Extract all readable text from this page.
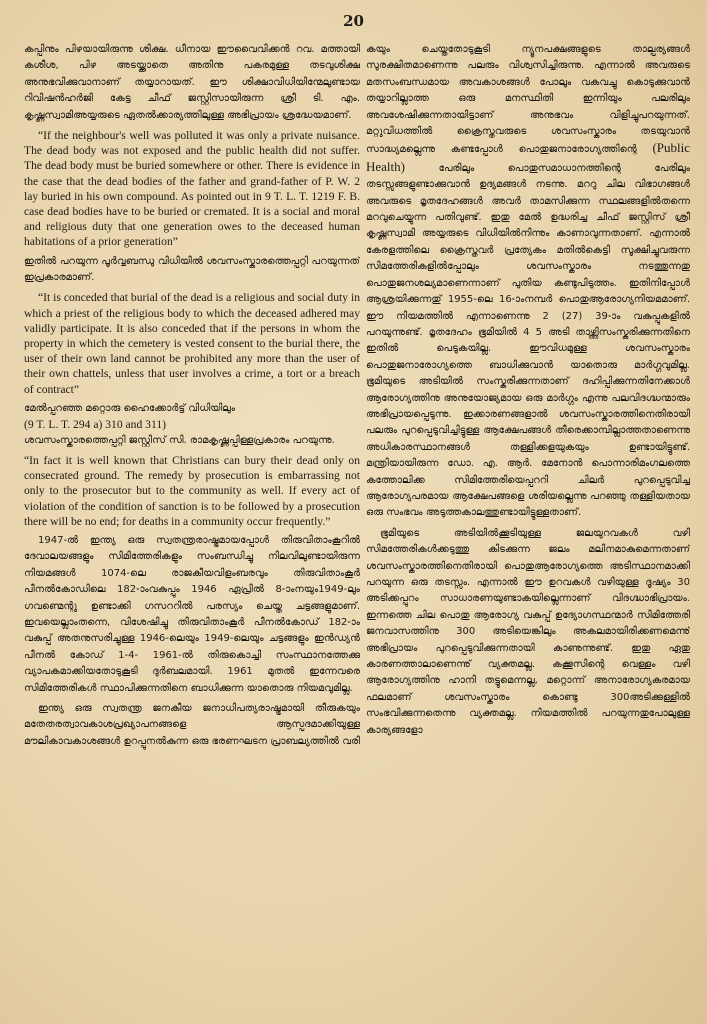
20

കപ്പിനും പിഴയായിരുന്നു ശിക്ഷ. ധീനായ ഈവൈവിക്കൻ റവ. മത്തായി കശീശ, പിഴ അടയ്ക്കാതെ അതിനു പകരമുള്ള തടവുശിക്ഷ അനുഭവിക്കുവാനാണ് തയ്യാറായത്. ഈ ശിക്ഷാവിധിയിന്മേലുണ്ടായ റിവിഷൻഹർജി കേട്ട ചീഫ് ജസ്റ്റിസായിരുന്ന ശ്രീ ടി. എം. കൃഷ്ണസ്വാമിഅയ്യരുടെ ഏതൽക്കാര്യത്തിലുള്ള അഭിപ്രായം ശ്രദ്ധേയമാണ്.

“If the neighbour's well was polluted it was only a private nuisance. The dead body was not exposed and the public health did not suffer. The dead body must be buried somewhere or other. There is evidence in the case that the dead bodies of the father and grand-father of P. W. 2 lay buried in his own compound. As pointed out in 9 T. L. T. 1219 F. B. case dead bodies have to be buried or cremated. It is a social and moral and religious duty that one generation owes to the deceased human habitations of a prior generation”

ഇതിൽ പറയുന്ന പൂർവ്വബന്ധു വിധിയിൽ ശവസംസ്കാരത്തെപ്പറ്റി പറയുന്നത് ഇപ്രകാരമാണ്.

“It is conceded that burial of the dead is a religious and social duty in which a priest of the religious body to which the deceased adhered may validly participate. It is also conceded that if the persons in whom the property in which the cemetery is vested consent to the burial there, the user of their own land cannot be prohibited any more than the user of their own chattels, unless that user involves a crime, a tort or a breach of contract”

മേൽപ്പറഞ്ഞ മറ്റൊരു ഹൈക്കോർട്ട് വിധിയിലും

(9 T. L. T. 294 a) 310 and 311)

ശവസംസ്കാരത്തെപ്പറ്റി ജസ്റ്റിസ് സി. രാമകൃഷ്ണപ്പിള്ളപ്രകാരം പറയുന്നു.

“In fact it is well known that Christians can bury their dead only on consecrated ground. The remedy by prosecution is embarrassing not only to the prosecutor but to the community as well. If every act of violation of the condition of sanction is to be followed by a prosecution there will be no end; for deaths in a community occur frequently.”

1947-ൽ ഇന്ത്യ ഒരു സ്വതന്ത്രരാഷ്ട്രമായപ്പോൾ തിരുവിതാംകൂറിൽ ദേവാലയങ്ങളും സിമിത്തേരികളും സംബന്ധിച്ചു നിലവിലുണ്ടായിരുന്ന നിയമങ്ങൾ 1074-ലെ രാജകീയവിളംബരവും തിരുവിതാംകൂർ പീനൽകോഡിലെ 182-ാംവകുപ്പും 1946 ഏപ്രിൽ 8-ാംനയും1949-ലും ഗവണ്മെന്റു ഉണ്ടാക്കി ഗസററിൽ പരസ്യം ചെയ്ത ചട്ടങ്ങളുമാണ്. ഇവയെല്ലാംതന്നെ, വിശേഷിച്ചു തിരുവിതാംകൂർ പീനൽകോഡ് 182-ാം വകുപ്പ് അതനുസരിച്ചുള്ള 1946-ലെയും 1949-ലെയും ചട്ടങ്ങളും ഇൻഡ്യൻ പീനൽ കോഡ് 1-4- 1961-ൽ തിരുകൊച്ചി സംസ്ഥാനത്തേക്കു വ്യാപകമാക്കിയതോടുകൂടി ദുർബലമായി. 1961 മുതൽ ഇന്നേവരെ സിമിത്തേരികൾ സ്ഥാപിക്കുന്നതിനെ ബാധിക്കുന്ന യാതൊരു നിയമവുമില്ല.

ഇന്ത്യ ഒരു സ്വതന്ത്ര ജനകീയ ജനാധിപത്യരാഷ്ട്രമായി തീരുകയും മതേതരത്വാവകാശപ്രഖ്യാപനങ്ങളെ ആസ്പദമാക്കിയുള്ള മൗലികാവകാശങ്ങൾ ഉറപ്പുനൽകുന്ന ഒരു ഭരണഘടന പ്രാബല്യത്തിൽ വരി

കയും ചെയ്തതോടുകൂടി ന്യൂനപക്ഷങ്ങളുടെ താല്പര്യങ്ങൾ സുരക്ഷിതമാണെന്നു പലരും വിശ്വസിച്ചിരുന്നു. എന്നാൽ അവരുടെ മതസംബന്ധമായ അവകാശങ്ങൾ പോലും വകവച്ചു കൊടുക്കുവാൻ തയ്യാറില്ലാത്ത ഒരു മനസ്ഥിതി ഇന്നിയും പലരിലും അവശേഷിക്കുന്നതായിട്ടാണ് അനുഭവം വിളിച്ചുപറയുന്നത്. മറ്റുവിധത്തിൽ ക്രൈസ്തവരുടെ ശവസംസ്കാരം തടയുവാൻ സാദ്ധ്യമല്ലെന്നു കണ്ടപ്പോൾ പൊതുജനാരോഗ്യത്തിന്റെ (Public Health)	പേരിലും പൊതുസമാധാനത്തിന്റെ പേരിലും തടസ്സങ്ങളുണ്ടാക്കുവാൻ ഉദ്യമങ്ങൾ നടന്നു. മററു ചില വിഭാഗങ്ങൾ അവരുടെ മൃതദേഹങ്ങൾ അവർ താമസിക്കുന്ന സ്ഥലങ്ങളിൽതന്നെ മറവുചെയ്യുന്ന പതിവുണ്ട്. ഇതു മേൽ ഉദ്ധരിച്ച ചീഫ് ജസ്റ്റിസ് ശ്രീ കൃഷ്ണസ്വാമി അയ്യരുടെ വിധിയിൽനിന്നും കാണാവുന്നതാണ്. എന്നാൽ കേരളത്തിലെ ക്രൈസ്തവർ പ്രത്യേകം മതിൽകെട്ടി സൂക്ഷിച്ചുവരുന്ന സിമത്തേരികളിൽപ്പോലും ശവസംസ്കാരം നടത്തുന്നതു പൊതുജനശല്യമാണെന്നാണ് പുതിയ കണ്ടുപിടുത്തം. ഇതിനിപ്പോൾ ആശ്രയിക്കുന്നതു് 1955-ലെ 16-ാംനമ്പർ പൊതുആരോഗ്യനിയമമാണ്. ഈ നിയമത്തിൽ എന്നാണെന്നു 2 (27) 39-ാം വകുപ്പുകളിൽ പറയുന്നുണ്ട്. മൃതദേഹം ഭൂമിയിൽ 4 5 അടി താഴ്ത്തിസംസ്കരിക്കുന്നതിനെ ഇതിൽ പെടുകയില്ല. ഈവിധമുള്ള ശവസംസ്കാരം പൊതുജനാരോഗ്യത്തെ ബാധിക്കുവാൻ യാതൊരു മാർഗ്ഗവുമില്ല. ഭൂമിയുടെ അടിയിൽ സംസ്കരിക്കുന്നതാണ് ദഹിപ്പിക്കുന്നതിനേക്കാൾ ആരോഗ്യത്തിനു അനുയോജ്യമായ ഒരു മാർഗ്ഗം എന്നു പലവിദഗ്ദ്ധന്മാരും അഭിപ്രായപ്പെടുന്നു. ഇക്കാരണങ്ങളാൽ ശവസംസ്കാരത്തിനെതിരായി പലരും പുറപ്പെടുവിച്ചിട്ടുള്ള ആക്ഷേപങ്ങൾ തീരെക്കാമ്പില്ലാത്തതാണെന്നു അധികാരസ്ഥാനങ്ങൾ തള്ളിക്കളയുകയും ഉണ്ടായിട്ടുണ്ട്. മന്ത്രിയായിരുന്ന ഡോ. എ. ആർ. മേനോൻ പൊന്നാരിമംഗലത്തെ കത്തോലിക്ക സിമിത്തേരിയെപ്പററി ചിലർ പുറപ്പെടുവിച്ച ആരോഗ്യപരമായ ആക്ഷേപങ്ങളെ ശരിയല്ലെന്നു പറഞ്ഞു തള്ളിയതായ ഒരു സംഭവം അടുത്തകാലത്തുണ്ടായിട്ടുള്ളതാണ്.

ഭൂമിയുടെ അടിയിൽക്കൂടിയുള്ള ജലയുറവകൾ വഴി സിമത്തേരികൾക്കടുത്തു കിടക്കുന്ന ജലം മലിനമാകുമെന്നതാണ് ശവസംസ്കാരത്തിനെതിരായി പൊതുആരോഗ്യത്തെ അടിസ്ഥാനമാക്കി പറയുന്ന ഒരു തടസ്സം. എന്നാൽ ഈ ഉറവകൾ വഴിയുള്ള ദൂഷ്യം 30 അടിക്കപ്പുറം സാധാരണയുണ്ടാകയില്ലെന്നാണ് വിദഗ്ദ്ധാഭിപ്രായം. ഇന്നത്തെ ചില പൊതു ആരോഗ്യ വകുപ്പ് ഉദ്യോഗസ്ഥന്മാർ സിമിത്തേരി ജനവാസത്തിനു 300 അടിയെങ്കിലും അകലമായിരിക്കണമെന്നു് അഭിപ്രായം പുറപ്പെടുവിക്കുന്നതായി കാണുന്നുണ്ട്. ഇതു ഏതു കാരണത്താലാണെന്നു് വ്യക്തമല്ല. കക്കൂസിന്റെ വെള്ളം വഴി ആരോഗ്യത്തിനു ഹാനി തട്ടുമെന്നല്ല, മറ്റൊന്ന് അനാരോഗ്യകരമായ ഫലമാണ് ശവസംസ്കാരം കൊണ്ടു 300അടിക്കുള്ളിൽ സംഭവിക്കുന്നതെന്നു വ്യക്തമല്ല. നിയമത്തിൽ പറയുന്നതുപോലുള്ള കാര്യങ്ങളോ
